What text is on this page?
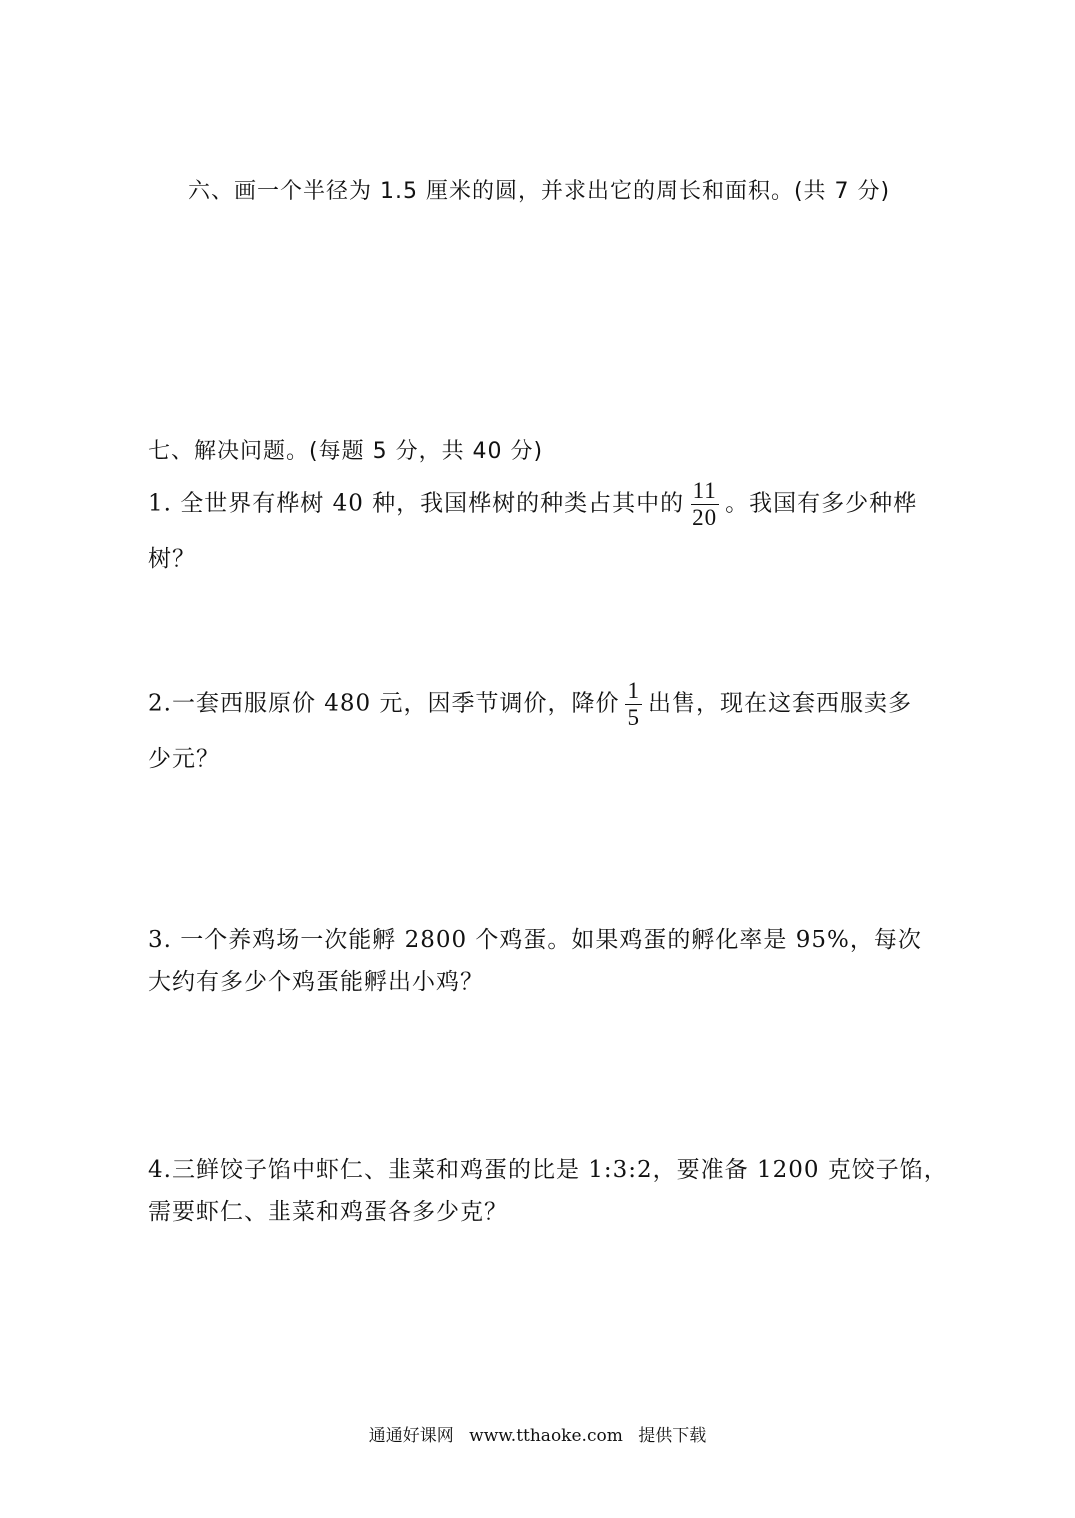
六、画一个半径为 1.5 厘米的圆，并求出它的周长和面积。(共 7 分)
七、解决问题。(每题 5 分，共 40 分)
1. 全世界有桦树 40 种，我国桦树的种类占其中的 $\frac{11}{20}$ 。我国有多少种桦
树？
2.一套西服原价 480 元，因季节调价，降价 $\frac{1}{5}$ 出售，现在这套西服卖多
少元？
3. 一个养鸡场一次能孵 2800 个鸡蛋。如果鸡蛋的孵化率是 95%，每次
大约有多少个鸡蛋能孵出小鸡？
4.三鲜饺子馅中虾仁、韭菜和鸡蛋的比是 1:3:2，要准备 1200 克饺子馅，
需要虾仁、韭菜和鸡蛋各多少克？
通通好课网 www.tthaoke.com 提供下载
